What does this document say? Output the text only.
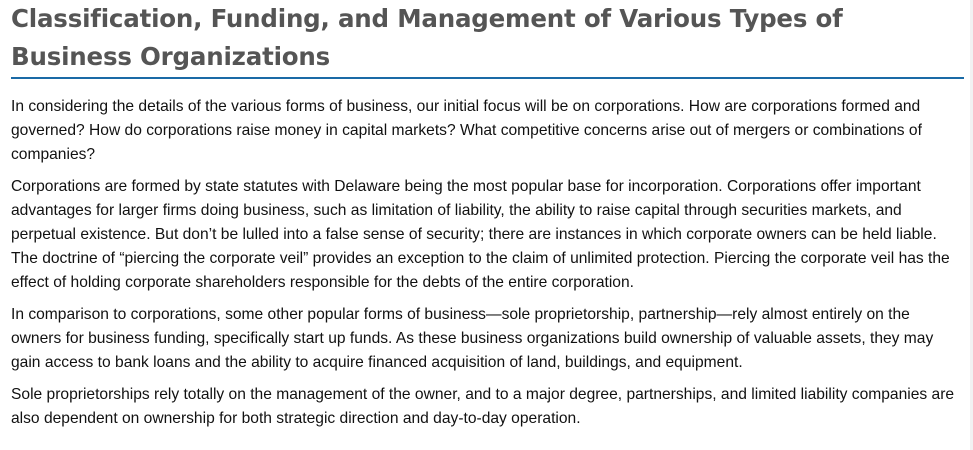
Classification, Funding, and Management of Various Types of Business Organizations

In considering the details of the various forms of business, our initial focus will be on corporations. How are corporations formed and governed? How do corporations raise money in capital markets? What competitive concerns arise out of mergers or combinations of companies?

Corporations are formed by state statutes with Delaware being the most popular base for incorporation. Corporations offer important advantages for larger firms doing business, such as limitation of liability, the ability to raise capital through securities markets, and perpetual existence. But don’t be lulled into a false sense of security; there are instances in which corporate owners can be held liable. The doctrine of “piercing the corporate veil” provides an exception to the claim of unlimited protection. Piercing the corporate veil has the effect of holding corporate shareholders responsible for the debts of the entire corporation.

In comparison to corporations, some other popular forms of business—sole proprietorship, partnership—rely almost entirely on the owners for business funding, specifically start up funds. As these business organizations build ownership of valuable assets, they may gain access to bank loans and the ability to acquire financed acquisition of land, buildings, and equipment.

Sole proprietorships rely totally on the management of the owner, and to a major degree, partnerships, and limited liability companies are also dependent on ownership for both strategic direction and day-to-day operation.
